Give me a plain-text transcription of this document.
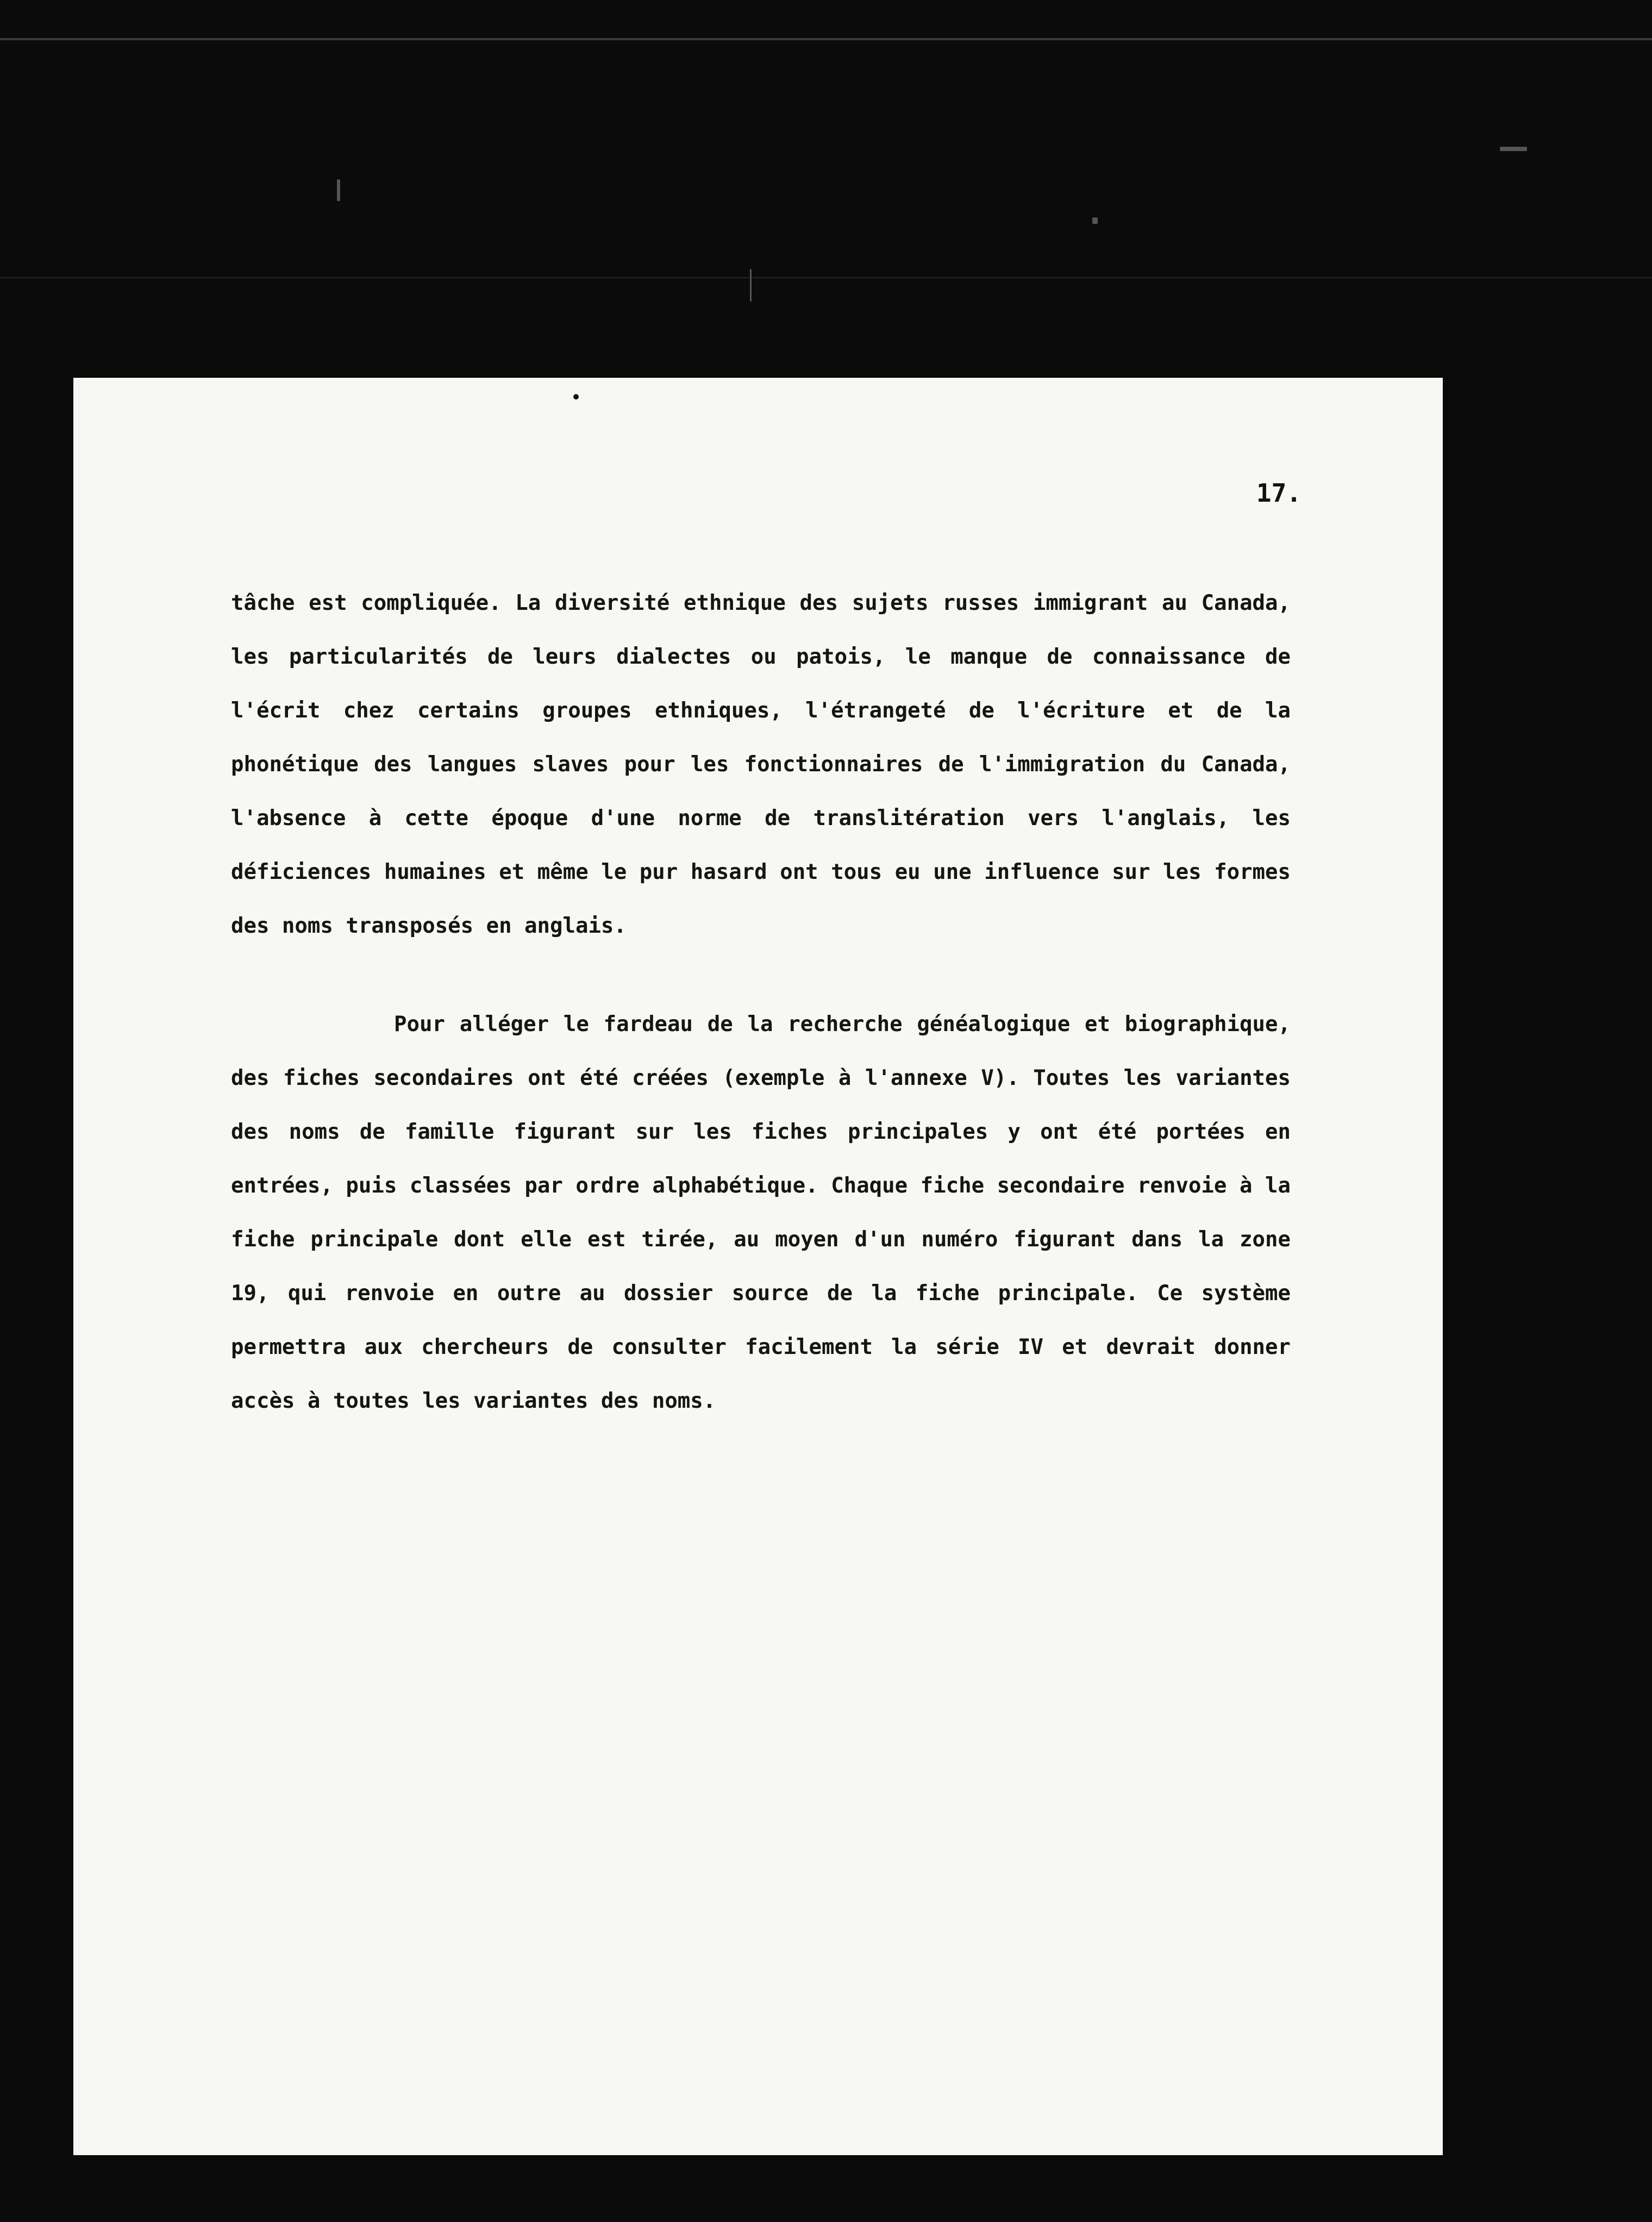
17.

tâche est compliquée. La diversité ethnique des sujets russes immigrant au Canada, les particularités de leurs dialectes ou patois, le manque de connaissance de l'écrit chez certains groupes ethniques, l'étrangeté de l'écriture et de la phonétique des langues slaves pour les fonctionnaires de l'immigration du Canada, l'absence à cette époque d'une norme de translitération vers l'anglais, les déficiences humaines et même le pur hasard ont tous eu une influence sur les formes des noms transposés en anglais.

Pour alléger le fardeau de la recherche généalogique et biographique, des fiches secondaires ont été créées (exemple à l'annexe V). Toutes les variantes des noms de famille figurant sur les fiches principales y ont été portées en entrées, puis classées par ordre alphabétique. Chaque fiche secondaire renvoie à la fiche principale dont elle est tirée, au moyen d'un numéro figurant dans la zone 19, qui renvoie en outre au dossier source de la fiche principale. Ce système permettra aux chercheurs de consulter facilement la série IV et devrait donner accès à toutes les variantes des noms.
